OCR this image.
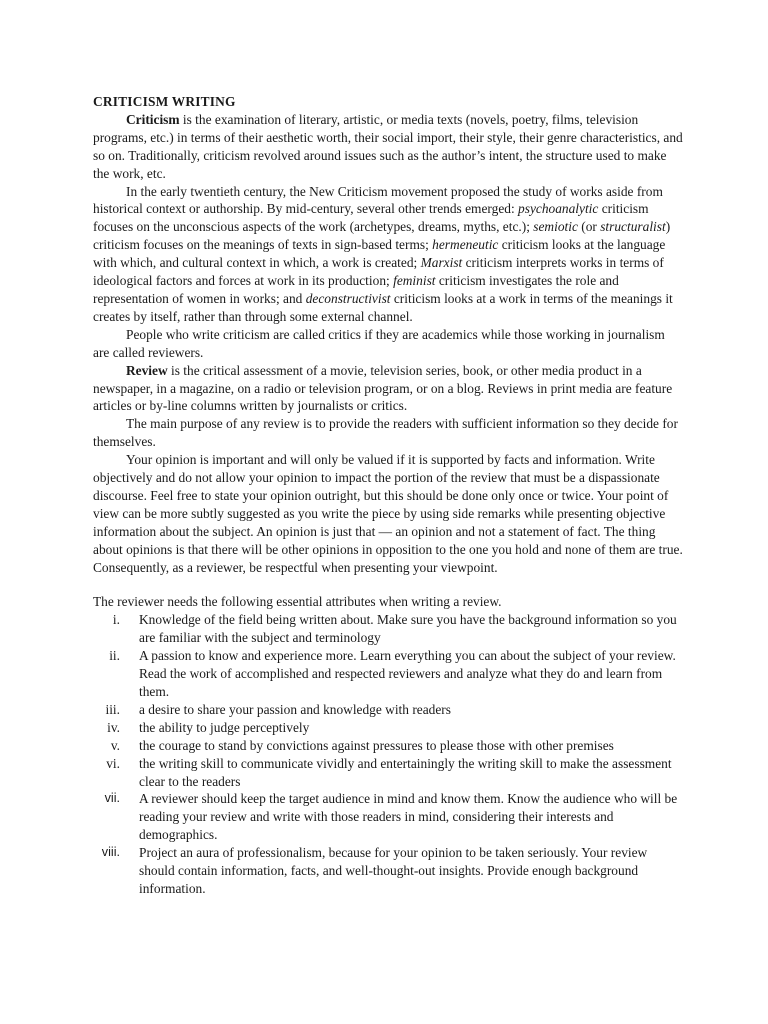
CRITICISM WRITING

Criticism is the examination of literary, artistic, or media texts (novels, poetry, films, television programs, etc.) in terms of their aesthetic worth, their social import, their style, their genre characteristics, and so on. Traditionally, criticism revolved around issues such as the author’s intent, the structure used to make the work, etc.

In the early twentieth century, the New Criticism movement proposed the study of works aside from historical context or authorship. By mid-century, several other trends emerged: psychoanalytic criticism focuses on the unconscious aspects of the work (archetypes, dreams, myths, etc.); semiotic (or structuralist) criticism focuses on the meanings of texts in sign-based terms; hermeneutic criticism looks at the language with which, and cultural context in which, a work is created; Marxist criticism interprets works in terms of ideological factors and forces at work in its production; feminist criticism investigates the role and representation of women in works; and deconstructivist criticism looks at a work in terms of the meanings it creates by itself, rather than through some external channel.

People who write criticism are called critics if they are academics while those working in journalism are called reviewers.

Review is the critical assessment of a movie, television series, book, or other media product in a newspaper, in a magazine, on a radio or television program, or on a blog. Reviews in print media are feature articles or by-line columns written by journalists or critics.

The main purpose of any review is to provide the readers with sufficient information so they decide for themselves.

Your opinion is important and will only be valued if it is supported by facts and information. Write objectively and do not allow your opinion to impact the portion of the review that must be a dispassionate discourse. Feel free to state your opinion outright, but this should be done only once or twice. Your point of view can be more subtly suggested as you write the piece by using side remarks while presenting objective information about the subject. An opinion is just that — an opinion and not a statement of fact. The thing about opinions is that there will be other opinions in opposition to the one you hold and none of them are true. Consequently, as a reviewer, be respectful when presenting your viewpoint.

The reviewer needs the following essential attributes when writing a review.

i. Knowledge of the field being written about. Make sure you have the background information so you are familiar with the subject and terminology
ii. A passion to know and experience more. Learn everything you can about the subject of your review. Read the work of accomplished and respected reviewers and analyze what they do and learn from them.
iii. a desire to share your passion and knowledge with readers
iv. the ability to judge perceptively
v. the courage to stand by convictions against pressures to please those with other premises
vi. the writing skill to communicate vividly and entertainingly the writing skill to make the assessment clear to the readers
vii. A reviewer should keep the target audience in mind and know them. Know the audience who will be reading your review and write with those readers in mind, considering their interests and demographics.
viii. Project an aura of professionalism, because for your opinion to be taken seriously. Your review should contain information, facts, and well-thought-out insights. Provide enough background information.
